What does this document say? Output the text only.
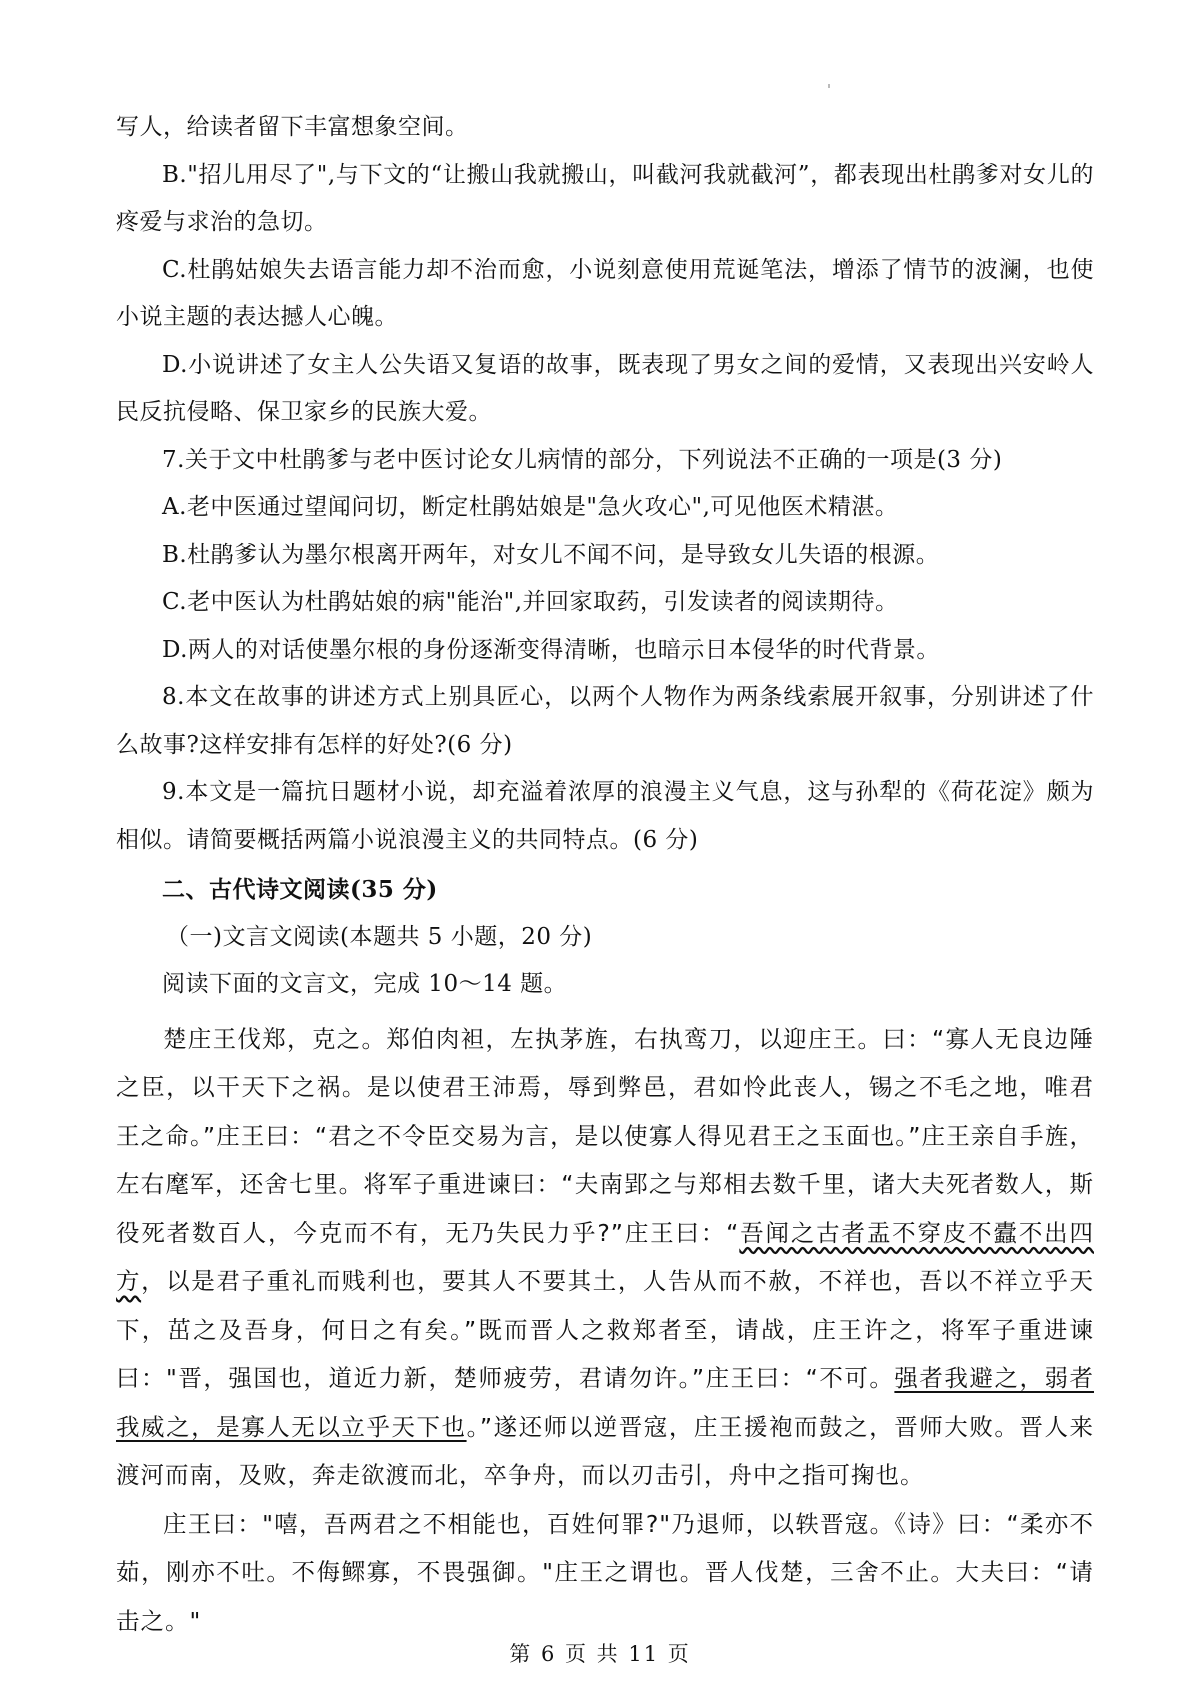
写人，给读者留下丰富想象空间。

B."招儿用尽了",与下文的“让搬山我就搬山，叫截河我就截河”，都表现出杜鹃爹对女儿的疼爱与求治的急切。

C.杜鹃姑娘失去语言能力却不治而愈，小说刻意使用荒诞笔法，增添了情节的波澜，也使小说主题的表达撼人心魄。

D.小说讲述了女主人公失语又复语的故事，既表现了男女之间的爱情，又表现出兴安岭人民反抗侵略、保卫家乡的民族大爱。

7.关于文中杜鹃爹与老中医讨论女儿病情的部分，下列说法不正确的一项是(3 分)

A.老中医通过望闻问切，断定杜鹃姑娘是"急火攻心",可见他医术精湛。

B.杜鹃爹认为墨尔根离开两年，对女儿不闻不问，是导致女儿失语的根源。

C.老中医认为杜鹃姑娘的病"能治",并回家取药，引发读者的阅读期待。

D.两人的对话使墨尔根的身份逐渐变得清晰，也暗示日本侵华的时代背景。

8.本文在故事的讲述方式上别具匠心，以两个人物作为两条线索展开叙事，分别讲述了什么故事?这样安排有怎样的好处?(6 分)

9.本文是一篇抗日题材小说，却充溢着浓厚的浪漫主义气息，这与孙犁的《荷花淀》颇为相似。请简要概括两篇小说浪漫主义的共同特点。(6 分)

二、古代诗文阅读(35 分)

（一)文言文阅读(本题共 5 小题，20 分)

阅读下面的文言文，完成 10～14 题。

楚庄王伐郑，克之。郑伯肉袒，左执茅旌，右执鸾刀，以迎庄王。曰：“寡人无良边陲之臣，以干天下之祸。是以使君王沛焉，辱到弊邑，君如怜此丧人，锡之不毛之地，唯君王之命。”庄王曰：“君之不令臣交易为言，是以使寡人得见君王之玉面也。”庄王亲自手旌，左右麾军，还舍七里。将军子重进谏曰：“夫南郢之与郑相去数千里，诸大夫死者数人，斯役死者数百人，今克而不有，无乃失民力乎?”庄王曰：“吾闻之古者盂不穿皮不蠹不出四方，以是君子重礼而贱利也，要其人不要其土，人告从而不赦，不祥也，吾以不祥立乎天下，茁之及吾身，何日之有矣。”既而晋人之救郑者至，请战，庄王许之，将军子重进谏曰："晋，强国也，道近力新，楚师疲劳，君请勿许。”庄王曰：“不可。强者我避之，弱者我威之，是寡人无以立乎天下也。”遂还师以逆晋寇，庄王援袍而鼓之，晋师大败。晋人来渡河而南，及败，奔走欲渡而北，卒争舟，而以刃击引，舟中之指可掬也。

庄王曰："嘻，吾两君之不相能也，百姓何罪?"乃退师，以轶晋寇。《诗》曰：“柔亦不茹，刚亦不吐。不侮鳏寡，不畏强御。"庄王之谓也。晋人伐楚，三舍不止。大夫曰：“请击之。"

第 6 页 共 11 页
